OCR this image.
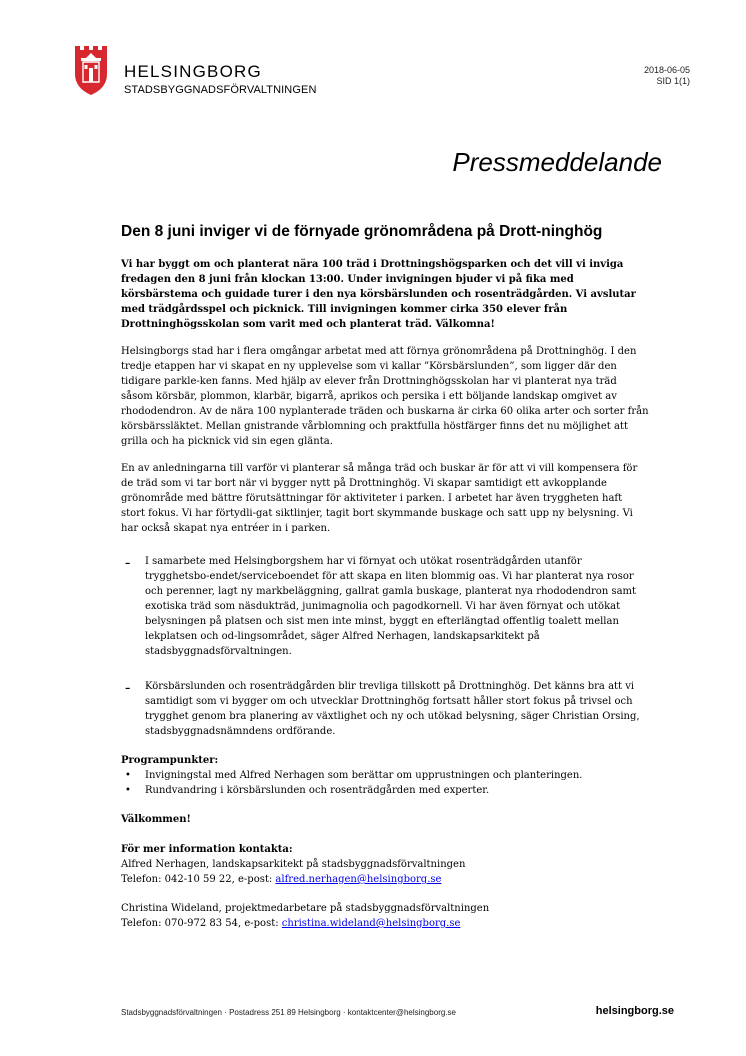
HELSINGBORG
STADSBYGGNADSFÖRVALTNINGEN
2018-06-05
SID 1(1)
Pressmeddelande
Den 8 juni inviger vi de förnyade grönområdena på Drott-ninghög

Vi har byggt om och planterat nära 100 träd i Drottningshögsparken och det vill vi inviga fredagen den 8 juni från klockan 13:00. Under invigningen bjuder vi på fika med körsbärstema och guidade turer i den nya körsbärslunden och rosenträdgården. Vi avslutar med trädgårdsspel och picknick. Till invigningen kommer cirka 350 elever från Drottninghögsskolan som varit med och planterat träd. Välkomna!

Helsingborgs stad har i flera omgångar arbetat med att förnya grönområdena på Drottninghög. I den tredje etappen har vi skapat en ny upplevelse som vi kallar ”Körsbärslunden”, som ligger där den tidigare parkle-ken fanns. Med hjälp av elever från Drottninghögsskolan har vi planterat nya träd såsom körsbär, plommon, klarbär, bigarrå, aprikos och persika i ett böljande landskap omgivet av rhododendron. Av de nära 100 nyplanterade träden och buskarna är cirka 60 olika arter och sorter från körsbärssläktet. Mellan gnistrande vårblomning och praktfulla höstfärger finns det nu möjlighet att grilla och ha picknick vid sin egen glänta.

En av anledningarna till varför vi planterar så många träd och buskar är för att vi vill kompensera för de träd som vi tar bort när vi bygger nytt på Drottninghög. Vi skapar samtidigt ett avkopplande grönområde med bättre förutsättningar för aktiviteter i parken. I arbetet har även tryggheten haft stort fokus. Vi har förtydli-gat siktlinjer, tagit bort skymmande buskage och satt upp ny belysning. Vi har också skapat nya entréer in i parken.

- I samarbete med Helsingborgshem har vi förnyat och utökat rosenträdgården utanför trygghetsbo-endet/serviceboendet för att skapa en liten blommig oas. Vi har planterat nya rosor och perenner, lagt ny markbeläggning, gallrat gamla buskage, planterat nya rhododendron samt exotiska träd som näsdukträd, junimagnolia och pagodkornell. Vi har även förnyat och utökat belysningen på platsen och sist men inte minst, byggt en efterlängtad offentlig toalett mellan lekplatsen och od-lingsområdet, säger Alfred Nerhagen, landskapsarkitekt på stadsbyggnadsförvaltningen.

- Körsbärslunden och rosenträdgården blir trevliga tillskott på Drottninghög. Det känns bra att vi samtidigt som vi bygger om och utvecklar Drottninghög fortsatt håller stort fokus på trivsel och trygghet genom bra planering av växtlighet och ny och utökad belysning, säger Christian Orsing, stadsbyggnadsnämndens ordförande.

Programpunkter:

• Invigningstal med Alfred Nerhagen som berättar om upprustningen och planteringen.
• Rundvandring i körsbärslunden och rosenträdgården med experter.

Välkommen!

För mer information kontakta:

Alfred Nerhagen, landskapsarkitekt på stadsbyggnadsförvaltningen

Telefon: 042-10 59 22, e-post: alfred.nerhagen@helsingborg.se

Christina Wideland, projektmedarbetare på stadsbyggnadsförvaltningen

Telefon: 070-972 83 54, e-post: christina.wideland@helsingborg.se

Stadsbyggnadsförvaltningen · Postadress 251 89 Helsingborg · kontaktcenter@helsingborg.se	helsingborg.se
